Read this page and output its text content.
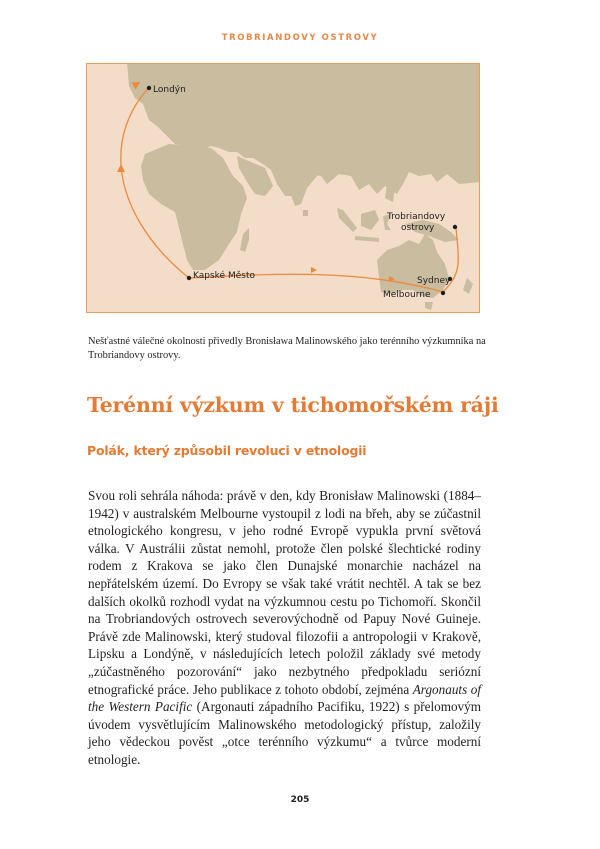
TROBRIANDOVY OSTROVY
Londýn
Kapské Město
Trobriandovy
ostrovy
Sydney
Melbourne
Nešťastné válečné okolnosti přivedly Bronisława Malinowského jako terénního výzkumníka na Trobriandovy ostrovy.
Terénní výzkum v tichomořském ráji
Polák, který způsobil revoluci v etnologii

Svou roli sehrála náhoda: právě v den, kdy Bronisław Malinowski (1884–1942) v australském Melbourne vystoupil z lodi na břeh, aby se zúčastnil etnologického kongresu, v jeho rodné Evropě vypukla první světová válka. V Austrálii zůstat nemohl, protože člen polské šlechtické rodiny rodem z Krakova se jako člen Dunajské monarchie nacházel na nepřátelském území. Do Evropy se však také vrátit nechtěl. A tak se bez dalších okolků rozhodl vydat na výzkumnou cestu po Tichomoří. Skončil na Trobriandových ostrovech severovýchodně od Papuy Nové Guineje. Právě zde Malinowski, který studoval filozofii a antropologii v Krakově, Lipsku a Londýně, v následujících letech položil základy své metody „zúčastněného pozorování“ jako nezbytného předpokladu seriózní etnografické práce. Jeho publikace z tohoto období, zejména Argonauts of the Western Pacific (Argonauti západního Pacifiku, 1922) s přelomovým úvodem vysvětlujícím Malinowského metodologický přístup, založily jeho vědeckou pověst „otce terénního výzkumu“ a tvůrce moderní etnologie.

205
